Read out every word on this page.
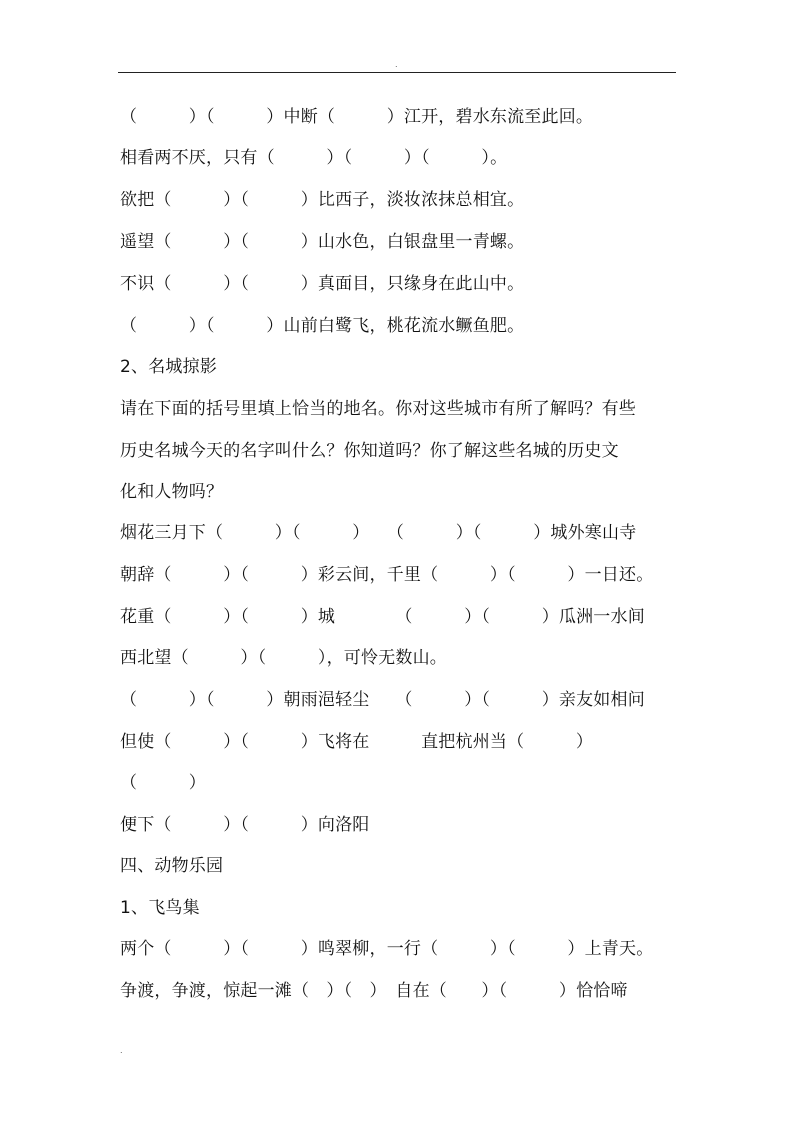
.
（　　　）（　　　）中断（　　　）江开，碧水东流至此回。
相看两不厌，只有（　　　）（　　　）（　　　）。
欲把（　　　）（　　　）比西子，淡妆浓抹总相宜。
遥望（　　　）（　　　）山水色，白银盘里一青螺。
不识（　　　）（　　　）真面目，只缘身在此山中。
（　　　）（　　　）山前白鹭飞，桃花流水鳜鱼肥。
2、名城掠影
请在下面的括号里填上恰当的地名。你对这些城市有所了解吗？有些
历史名城今天的名字叫什么？你知道吗？你了解这些名城的历史文
化和人物吗？
烟花三月下（　　　）（　　　）　　（　　　）（　　　）城外寒山寺
朝辞（　　　）（　　　）彩云间，千里（　　　）（　　　）一日还。
花重（　　　）（　　　）城　　　　（　　　）（　　　）瓜洲一水间
西北望（　　　）（　　　），可怜无数山。
（　　　）（　　　）朝雨浥轻尘　　（　　　）（　　　）亲友如相问
但使（　　　）（　　　）飞将在　　　直把杭州当（　　　）
（　　　）
便下（　　　）（　　　）向洛阳
四、动物乐园
1、飞鸟集
两个（　　　）（　　　）鸣翠柳，一行（　　　）（　　　）上青天。
争渡，争渡，惊起一滩（　）（　）　自在（　　）（　　　）恰恰啼
.
